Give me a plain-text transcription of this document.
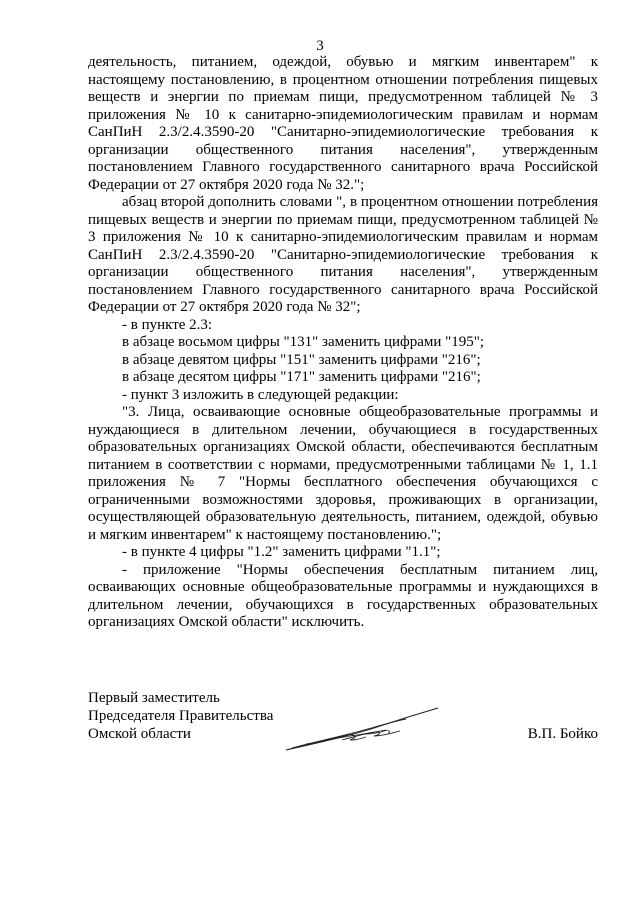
3

деятельность, питанием, одеждой, обувью и мягким инвентарем" к настоящему постановлению, в процентном отношении потребления пищевых веществ и энергии по приемам пищи, предусмотренном таблицей № 3 приложения № 10 к санитарно-эпидемиологическим правилам и нормам СанПиН 2.3/2.4.3590-20 "Санитарно-эпидемиологические требования к организации общественного питания населения", утвержденным постановлением Главного государственного санитарного врача Российской Федерации от 27 октября 2020 года № 32.";

абзац второй дополнить словами ", в процентном отношении потребления пищевых веществ и энергии по приемам пищи, предусмотренном таблицей № 3 приложения № 10 к санитарно-эпидемиологическим правилам и нормам СанПиН 2.3/2.4.3590-20 "Санитарно-эпидемиологические требования к организации общественного питания населения", утвержденным постановлением Главного государственного санитарного врача Российской Федерации от 27 октября 2020 года № 32";

- в пункте 2.3:

в абзаце восьмом цифры "131" заменить цифрами "195";

в абзаце девятом цифры "151" заменить цифрами "216";

в абзаце десятом цифры "171" заменить цифрами "216";

- пункт 3 изложить в следующей редакции:

"3. Лица, осваивающие основные общеобразовательные программы и нуждающиеся в длительном лечении, обучающиеся в государственных образовательных организациях Омской области, обеспечиваются бесплатным питанием в соответствии с нормами, предусмотренными таблицами № 1, 1.1 приложения № 7 "Нормы бесплатного обеспечения обучающихся с ограниченными возможностями здоровья, проживающих в организации, осуществляющей образовательную деятельность, питанием, одеждой, обувью и мягким инвентарем" к настоящему постановлению.";

- в пункте 4 цифры "1.2" заменить цифрами "1.1";

- приложение "Нормы обеспечения бесплатным питанием лиц, осваивающих основные общеобразовательные программы и нуждающихся в длительном лечении, обучающихся в государственных образовательных организациях Омской области" исключить.

Первый заместитель

Председателя Правительства

Омской области	В.П. Бойко
